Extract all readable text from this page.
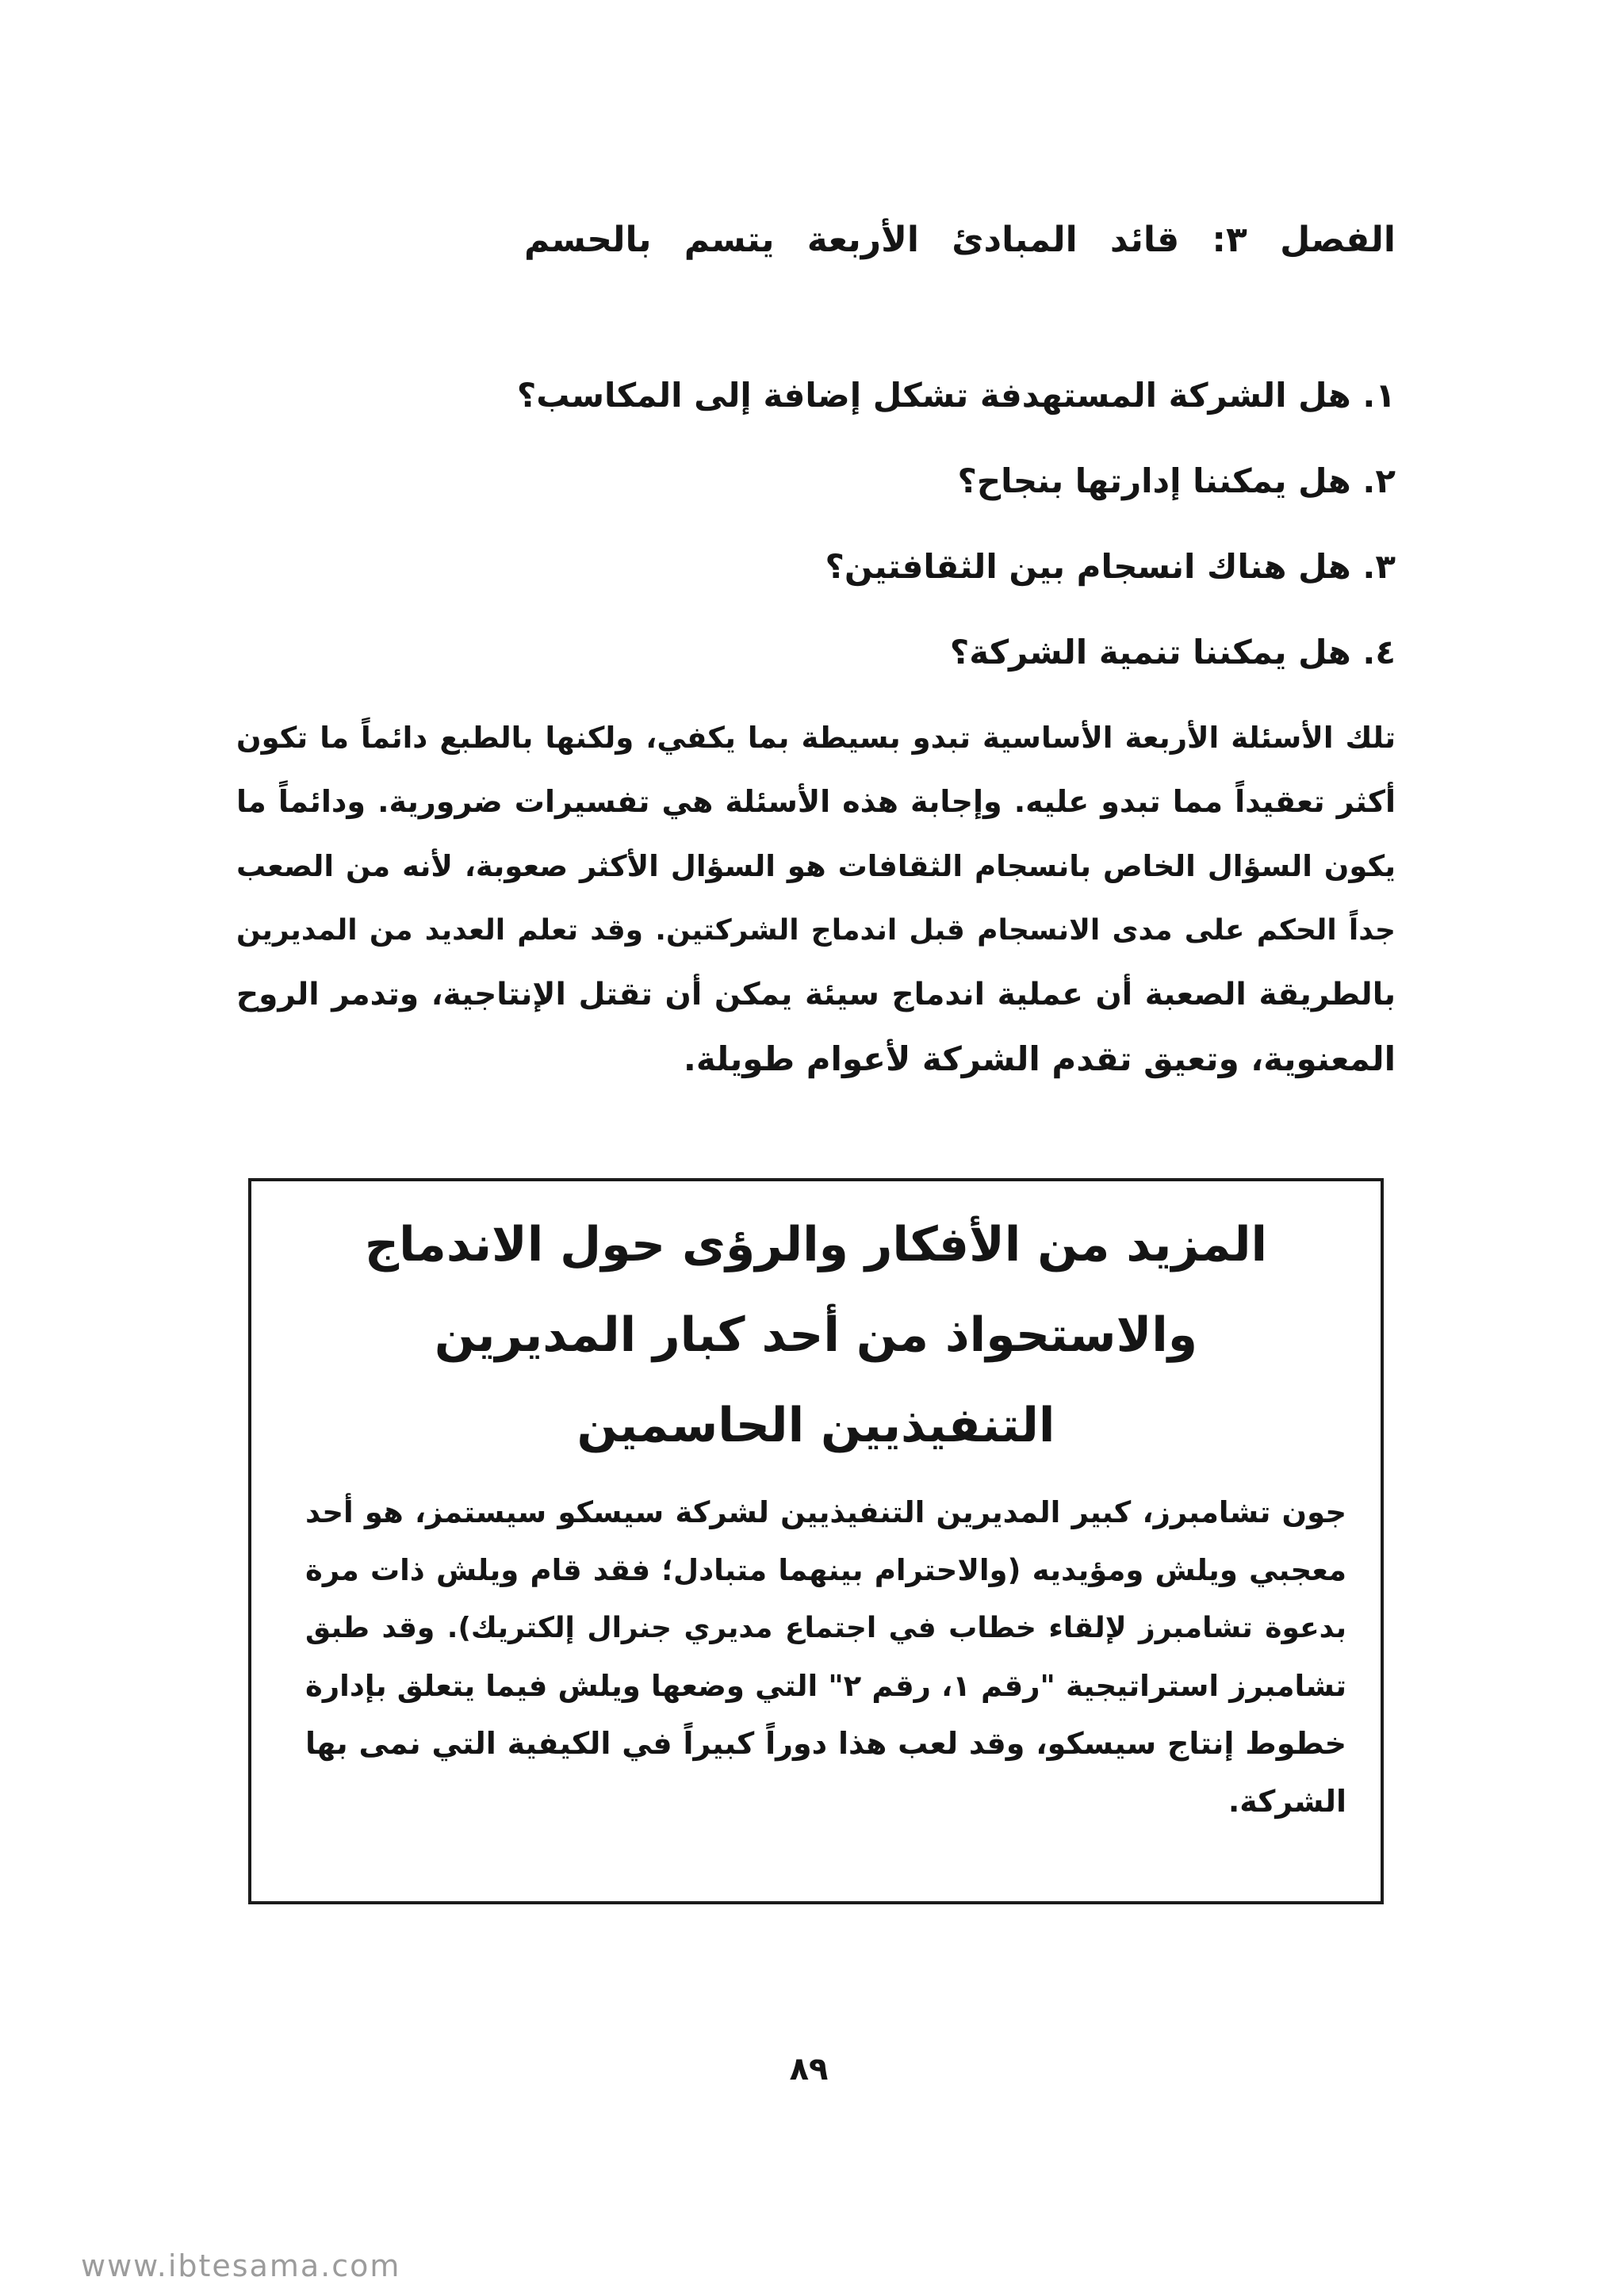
الفصل ٣: قائد المبادئ الأربعة يتسم بالحسم
١. هل الشركة المستهدفة تشكل إضافة إلى المكاسب؟
٢. هل يمكننا إدارتها بنجاح؟
٣. هل هناك انسجام بين الثقافتين؟
٤. هل يمكننا تنمية الشركة؟
تلك الأسئلة الأربعة الأساسية تبدو بسيطة بما يكفي، ولكنها بالطبع دائماً ما تكون
أكثر تعقيداً مما تبدو عليه. وإجابة هذه الأسئلة هي تفسيرات ضرورية. ودائماً ما
يكون السؤال الخاص بانسجام الثقافات هو السؤال الأكثر صعوبة، لأنه من الصعب
جداً الحكم على مدى الانسجام قبل اندماج الشركتين. وقد تعلم العديد من المديرين
بالطريقة الصعبة أن عملية اندماج سيئة يمكن أن تقتل الإنتاجية، وتدمر الروح
المعنوية، وتعيق تقدم الشركة لأعوام طويلة.
المزيد من الأفكار والرؤى حول الاندماج
والاستحواذ من أحد كبار المديرين
التنفيذيين الحاسمين
جون تشامبرز، كبير المديرين التنفيذيين لشركة سيسكو سيستمز، هو أحد
معجبي ويلش ومؤيديه (والاحترام بينهما متبادل؛ فقد قام ويلش ذات مرة
بدعوة تشامبرز لإلقاء خطاب في اجتماع مديري جنرال إلكتريك). وقد طبق
تشامبرز استراتيجية "رقم ١، رقم ٢" التي وضعها ويلش فيما يتعلق بإدارة
خطوط إنتاج سيسكو، وقد لعب هذا دوراً كبيراً في الكيفية التي نمى بها
الشركة.
٨٩
www.ibtesama.com
